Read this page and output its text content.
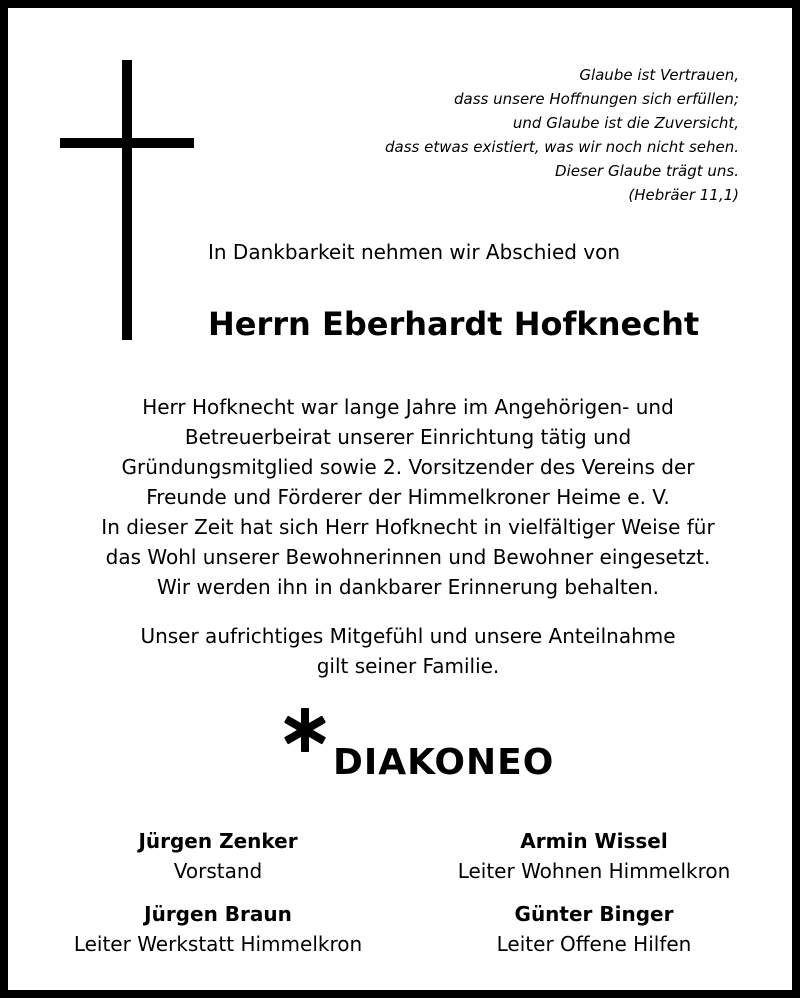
Glaube ist Vertrauen,
dass unsere Hoffnungen sich erfüllen;
und Glaube ist die Zuversicht,
dass etwas existiert, was wir noch nicht sehen.
Dieser Glaube trägt uns.
(Hebräer 11,1)
In Dankbarkeit nehmen wir Abschied von
Herrn Eberhardt Hofknecht
Herr Hofknecht war lange Jahre im Angehörigen- und
Betreuerbeirat unserer Einrichtung tätig und
Gründungsmitglied sowie 2. Vorsitzender des Vereins der
Freunde und Förderer der Himmelkroner Heime e. V.
In dieser Zeit hat sich Herr Hofknecht in vielfältiger Weise für
das Wohl unserer Bewohnerinnen und Bewohner eingesetzt.
Wir werden ihn in dankbarer Erinnerung behalten.
Unser aufrichtiges Mitgefühl und unsere Anteilnahme
gilt seiner Familie.
DIAKONEO
Jürgen Zenker
Vorstand
Armin Wissel
Leiter Wohnen Himmelkron
Jürgen Braun
Leiter Werkstatt Himmelkron
Günter Binger
Leiter Offene Hilfen
